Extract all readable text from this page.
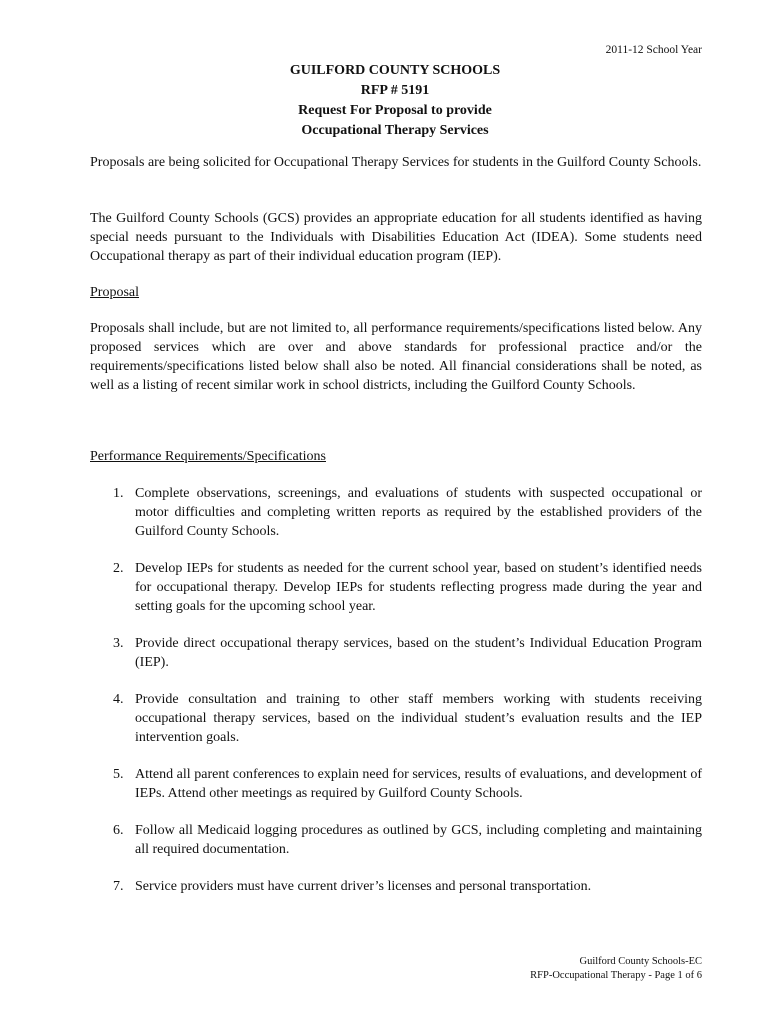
2011-12 School Year
GUILFORD COUNTY SCHOOLS
RFP # 5191
Request For Proposal to provide
Occupational Therapy Services
Proposals are being solicited for Occupational Therapy Services for students in the Guilford County Schools.
The Guilford County Schools (GCS) provides an appropriate education for all students identified as having special needs pursuant to the Individuals with Disabilities Education Act (IDEA). Some students need Occupational therapy as part of their individual education program (IEP).
Proposal
Proposals shall include, but are not limited to, all performance requirements/specifications listed below. Any proposed services which are over and above standards for professional practice and/or the requirements/specifications listed below shall also be noted. All financial considerations shall be noted, as well as a listing of recent similar work in school districts, including the Guilford County Schools.
Performance Requirements/Specifications
1. Complete observations, screenings, and evaluations of students with suspected occupational or motor difficulties and completing written reports as required by the established providers of the Guilford County Schools.
2. Develop IEPs for students as needed for the current school year, based on student’s identified needs for occupational therapy. Develop IEPs for students reflecting progress made during the year and setting goals for the upcoming school year.
3. Provide direct occupational therapy services, based on the student’s Individual Education Program (IEP).
4. Provide consultation and training to other staff members working with students receiving occupational therapy services, based on the individual student’s evaluation results and the IEP intervention goals.
5. Attend all parent conferences to explain need for services, results of evaluations, and development of IEPs. Attend other meetings as required by Guilford County Schools.
6. Follow all Medicaid logging procedures as outlined by GCS, including completing and maintaining all required documentation.
7. Service providers must have current driver’s licenses and personal transportation.
Guilford County Schools-EC
RFP-Occupational Therapy - Page 1 of 6
